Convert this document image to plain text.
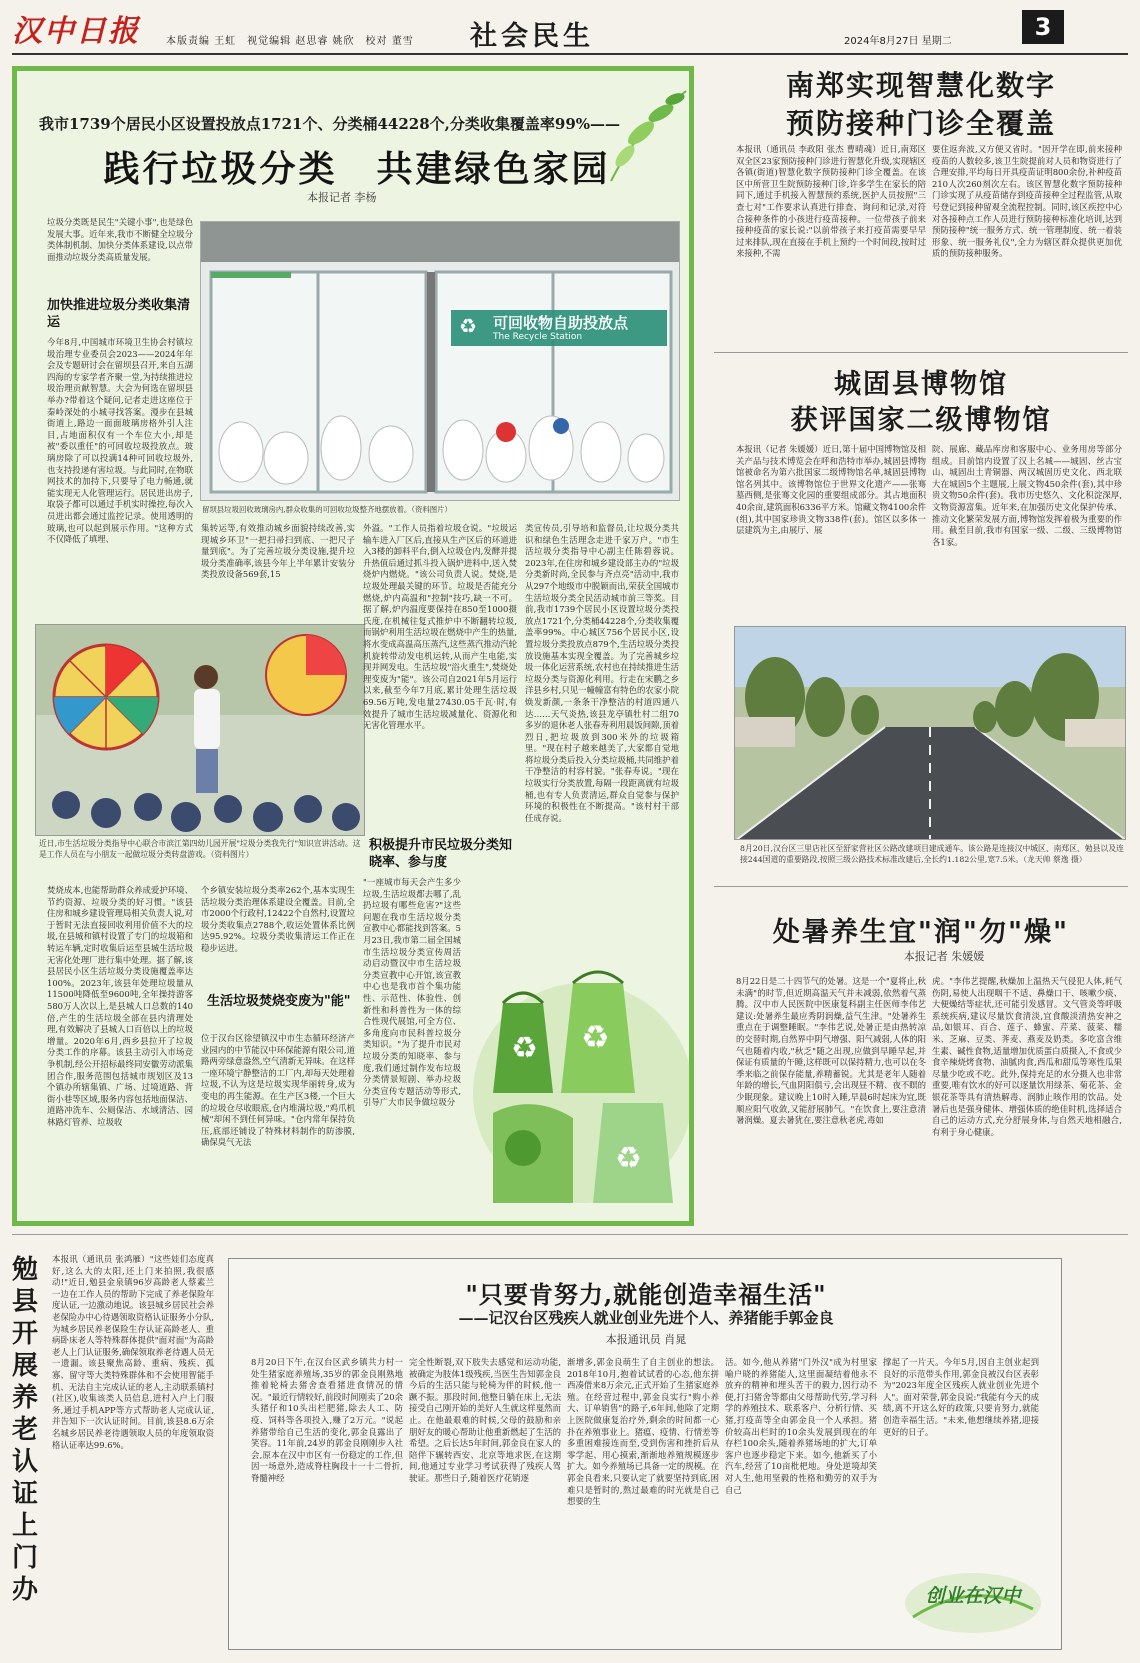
汉中日报	本版责编 王虹　视觉编辑 赵思睿 姚欣　校对 董雪 社会民生	2024年8月27日 星期二
3
我市1739个居民小区设置投放点1721个、分类桶44228个,分类收集覆盖率99%——
践行垃圾分类　共建绿色家园
本报记者 李杨
垃圾分类既是民生"关键小事",也是绿色发展大事。近年来,我市不断健全垃圾分类体制机制、加快分类体系建设,以点带面推动垃圾分类高质量发展。
加快推进垃圾分类收集清运
今年8月,中国城市环境卫生协会村镇垃圾治理专业委员会2023——2024年年会及专题研讨会在留坝县召开,来自五湖四海的专家学者齐聚一堂,为持续推进垃圾治理贡献智慧。大会为何选在留坝县举办?带着这个疑问,记者走进这座位于秦岭深处的小城寻找答案。漫步在县城街道上,路边一面面玻璃房格外引人注目,占地面积仅有一个车位大小,却是被"委以重任"的可回收垃圾投放点。玻璃房除了可以投满14种可回收垃圾外,也支持投递有害垃圾。与此同时,在物联网技术的加持下,只要导了电力畅通,就能实现无人化管理运行。居民进出房子,取袋子都可以通过手机实时操控,每次入员进出都会通过监控记录。使用透明的玻璃,也可以起到展示作用。"这种方式不仅降低了填埋、
可回收物自助投放点
The Recycle Station
♻
留坝县垃圾回收玻璃房内,群众收集的可回收垃圾整齐地摆放着。（资料图片）
近日,市生活垃圾分类指导中心联合市滨江第四幼儿园开展"垃圾分类我先行"知识宣讲活动。这是工作人员在与小朋友一起做垃圾分类转盘游戏。（资料图片）
焚烧成本,也能帮助群众养成爱护环境、节约资源、垃圾分类的好习惯。"该县住房和城乡建设管理局相关负责人说,对于暂时无法直接回收利用价值不大的垃圾,在县城和镇村设置了专门的垃圾箱和转运车辆,定时收集后运至县城生活垃圾无害化处理厂进行集中处理。据了解,该县居民小区生活垃圾分类设施覆盖率达100%。2023年,该县年处理垃圾量从11500吨降低至9600吨,全年操持游客580万人次以上,是县城人口总数的140倍,产生的生活垃圾全部在县内清理处理,有效解决了县城人口百倍以上的垃圾增量。2020年6月,西乡县拉开了垃圾分类工作的序幕。该县主动引入市场竞争机制,经公开招标最终同安徽劳动派集团合作,服务范围包括城市规划区及13个镇办所辖集镇、广场、过境道路、背街小巷等区域,服务内容包括地面保洁、道路冲洗车、公厕保洁、水域清洁、园林路灯管养、垃圾收
集转运等,有效推动城乡面貌持续改善,实现城乡环卫"一把扫帚扫到底、一把尺子量到底"。为了完善垃圾分类设施,提升垃圾分类准确率,该县今年上半年累计安装分类投放设备569套,15
个乡镇安装垃圾分类率262个,基本实现生活垃圾分类治理体系建设全覆盖。目前,全市2000个行政村,12422个自然村,设置垃圾分类收集点2788个,收运处置体系比例达95.92%。垃圾分类收集清运工作正在稳步运进。
生活垃圾焚烧变废为"能"
位于汉台区徐望镇汉中市生态循环经济产业园内的中节能汉中环保能源有限公司,道路两旁绿意盎然,空气清新无异味。在这样一座环境宁静整洁的工厂内,却每天处理着垃圾,不认为这是垃圾实现华丽转身,成为变电的再生能源。在生产区3楼,一个巨大的垃圾仓尽收眼底,仓内堆满垃圾,"鸡爪机械"却闲不到任何异味。"仓内常年保持负压,底部还铺设了特殊材料制作的防渗膜,确保臭气无法
外溢。"工作人员指着垃圾仓说。"垃圾运输车进入厂区后,直接从生产区后的环道进入3楼的卸料平台,倒入垃圾仓内,发酵并提升热值后通过抓斗投入锅炉进料中,送入焚烧炉内燃烧。"该公司负责人说。焚烧,是垃圾处理最关键的环节。垃圾是否能充分燃烧,炉内高温和"控制"技巧,缺一不可。据了解,炉内温度要保持在850至1000摄氏度,在机械往复式推炉中不断翻转垃圾,而锅炉利用生活垃圾在燃烧中产生的热量,将水变成高温高压蒸汽,这些蒸汽推动汽轮机旋转带动发电机运转,从而产生电能,实现并网发电。生活垃圾"浴火重生",焚烧处理变废为"能"。该公司自2021年5月运行以来,截至今年7月底,累计处理生活垃圾69.56万吨,发电量27430.05千瓦·时,有效提升了城市生活垃圾减量化、资源化和无害化管理水平。
积极提升市民垃圾分类知晓率、参与度
"一座城市每天会产生多少垃圾,生活垃圾都去哪了,乱扔垃圾有哪些危害?"这些问题在我市生活垃圾分类宣教中心都能找到答案。5月23日,我市第二届全国城市生活垃圾分类宣传周活动启动暨汉中市生活垃圾分类宣教中心开馆,该宣教中心也是我市首个集功能性、示范性、体验性、创新性和科普性为一体的综合性现代展馆,可全方位、多角度向市民科普垃圾分类知识。"为了提升市民对垃圾分类的知晓率、参与度,我们通过制作发布垃圾分类情景短剧、举办垃圾分类宣传专题活动等形式,引导广大市民争做垃圾分
类宣传员,引导培和监督员,让垃圾分类共识和绿色生活理念走进千家万户。"市生活垃圾分类指导中心副主任陈碧蓉说。2023年,在住房和城乡建设部主办的"垃圾分类新时尚,全民参与齐点亮"活动中,我市从297个地级市中脱颖而出,荣获全国城市生活垃圾分类全民活动城市前三等奖。目前,我市1739个居民小区设置垃圾分类投放点1721个,分类桶44228个,分类收集覆盖率99%。中心城区756个居民小区,设置垃圾分类投放点879个,生活垃圾分类投放设施基本实现全覆盖。为了完善城乡垃圾一体化运营系统,农村也在持续推进生活垃圾分类与资源化利用。行走在宋鹏之乡洋县乡村,只见一幢幢富有特色的农家小院焕发新颜,一条条干净整洁的村道四通八达……天气炎热,该县龙亭镇牡村二组70多岁的退休老人张春寿利用晨饭间隙,顶着烈日,把垃圾放到300米外的垃圾箱里。"现在村子越来越美了,大家都自觉地将垃圾分类后投入分类垃圾桶,共同维护着干净整洁的村容村貌。"张春寿说。"现在垃圾实行分类放置,每隔一段距离就有垃圾桶,也有专人负责清运,群众自觉参与保护环境的积极性在不断提高。"该村村干部任成存说。
♻ ♻
♻
南郑实现智慧化数字
预防接种门诊全覆盖
本报讯（通讯员 李政阳 张杰 曹晴魂）近日,南郑区双全区23家预防接种门诊进行智慧化升级,实现辖区各镇(街道)智慧化数字预防接种门诊全覆盖。在该区中所营卫生院预防接种门诊,许多学生在家长的陪同下,通过手机接入智慧预约系统,医护人员按照"三查七对"工作要求认真进行排查、询问和记录,对符合接种条件的小孩进行疫苗接种。一位带孩子前来接种疫苗的家长说:"以前带孩子来打疫苗需要早早过来排队,现在直接在手机上预约一个时间段,按时过来接种,不需
要住返奔波,又方便又省时。"因开学在即,前来接种疫苗的人数较多,该卫生院提前对人员和物资进行了合理安排,平均每日开具疫苗证明800余份,补种疫苗210人次260剂次左右。该区智慧化数字预防接种门诊实现了从疫苗储存到疫苗接种全过程监管,从取号登记到接种留观全流程控制。同时,该区疾控中心对各接种点工作人员进行预防接种标准化培训,达到预防接种"统一服务方式、统一管理制度、统一着装形象、统一服务礼仪",全力为辖区群众提供更加优质的预防接种服务。
城固县博物馆
获评国家二级博物馆
本报讯（记者 朱媛媛）近日,第十届中国博物馆及相关产品与技术博览会在呼和浩特市举办,城固县博物馆被命名为第六批国家二级博物馆名单,城固县博物馆名列其中。该博物馆位于世界文化遗产——张骞墓西侧,是张骞文化园的重要组成部分。其占地面积40余亩,建筑面积6336平方米。馆藏文物4100余件(组),其中国家珍贵文物338件(套)。馆区以多体一层建筑为主,由展厅、展
院、展廊、藏品库房和客服中心、业务用房等部分组成。目前馆内设置了汉上名城——城固、丝古宝山、城固出土青铜器、两汉城固历史文化、西北联大在城固5个主题展,上展文物450余件(套),其中珍贵文物50余件(套)。我市历史悠久、文化积淀深厚,文物资源富集。近年来,在加强历史文化保护传承、推动文化繁荣发展方面,博物馆发挥着极为重要的作用。截至目前,我市有国家一级、二级、三级博物馆各1家。
8月20日,汉台区三里店社区至舒家营社区公路改建项目建成通车。该公路是连接汉中城区、南郑区、勉县以及连接244国道的重要路段,按照三级公路技术标准改建后,全长约1.182公里,宽7.5米。（龙天帅 蔡逸 摄）
处暑养生宜"润"勿"燥"
本报记者 朱媛媛
8月22日是二十四节气的处暑。这是一个"夏将止,秋未满"的时节,但近期高温天气并未减弱,依然着气蒸腾。汉中市人民医院中医康复科副主任医师李伟艺建议:处暑养生最应秀阴润燥,益气生津。"处暑养生重点在于调整睡眠。"李伟艺说,处暑正是由热转凉的交替时期,自然界中阴气增强、阳气减弱,人体的阳气也随着内收,"秋乏"随之出现,应做到早睡早起,并保证有质量的午睡,这样既可以保持精力,也可以在冬季来临之前保存能量,养精蓄锐。尤其是老年人随着年龄的增长,气血阴阳俱亏,会出现昼不精、夜不瞑的少眠现象。建议晚上10时入睡,早晨6时起床为宜,既顺应阳气收敛,又能舒展肺气。"在饮食上,要注意清暑润燥。夏去暑犹在,要注意秋老虎,毒如
虎。"李伟艺提醒,秋燥加上温热天气侵犯人体,耗气伤阴,易使人出现咽干不适、鼻燥口干、咳嗽少痰、大便燥结等症状,还可能引发感冒。文气管炎等呼吸系统疾病,建议尽量饮食清淡,宜食酸淡清热安神之品,如银耳、百合、莲子、蜂蜜、芹菜、菠菜、糯米、芝麻、豆类、荠麦、燕麦及奶类。多吃富含维生素、碱性食物,适量增加优质蛋白质摄入,不食或少食辛辣烧烤食物、油腻肉食,西瓜和甜瓜等寒性瓜果尽量少吃或不吃。此外,保持充足的水分摄入也非常重要,唯有饮水的好可以逐量饮用绿茶、菊花茶、金银花茶等具有清热解毒、润肺止咳作用的饮品。处暑后也是强身健体、增强体质的绝佳时机,选择适合自己的运动方式,充分舒展身体,与自然天地相融合,有利于身心健康。
勉县开展养老认证上门办
本报讯（通讯员 张鸿雁）"这些娃们态度真好,这么大的太阳,还上门来拍照,我很感动!"近日,勉县金泉镇96岁高龄老人蔡素兰一边在工作人员的帮助下完成了养老保险年度认证,一边激动地说。该县城乡居民社会养老保险办中心待遇领取资格认证服务小分队,为城乡居民养老保险生存认证高龄老人、重病卧床老人等特殊群体提供"面对面"为高龄老人上门认证服务,确保领取养老待遇人员无一遗漏。该县聚焦高龄、重病、残疾、孤寡、留守等大类特殊群体和不会使用智能手机、无法自主完成认证的老人,主动联系镇村(社区),收集该类人员信息,进村入户上门服务,通过手机APP等方式帮助老人完成认证,并告知下一次认证时间。目前,该县8.6万余名城乡居民养老待遇领取人员的年度领取资格认证率达99.6%。
"只要肯努力,就能创造幸福生活"
——记汉台区残疾人就业创业先进个人、养猪能手郭金良
本报通讯员 肖晁
8月20日下午,在汉台区武乡镇共力村一处生猪家庭养殖场,35岁的郭金良刚熟地推着轮椅去猪舍查看猪进食情况的情况。"最近行情较好,前段时间刚卖了20余头猪仔和10头出栏肥猪,除去人工、防疫、饲料等各项投入,赚了2万元。"说起养猪带给自己生活的变化,郭金良露出了笑容。11年前,24岁的郭金良刚刚步入社会,原本在汉中市区有一份稳定的工作,但因一场意外,造成脊柱胸段十一十二骨折,脊髓神经
完全性断裂,双下肢失去感觉和运动功能,被确定为肢体1级残疾,当医生告知郭金良今后的生活只能与轮椅为伴的时候,他一蹶不振。那段时间,他整日躺在床上,无法接受自己刚开始的美好人生就这样戛然而止。在他最艰难的时候,父母的鼓励和亲朋好友的暖心帮助让他重新燃起了生活的希望。之后长达5年时间,郭金良在家人的陪伴下辗转西安、北京等地求医,在这期间,他通过专业学习考试获得了残疾人驾驶证。那些日子,随着医疗花销逐
渐增多,郭金良萌生了自主创业的想法。2018年10月,抱着试试看的心态,他东拼西凑借来8万余元,正式开始了生猪家庭养殖。在经营过程中,郭金良实行"购小养大、订单销售"的路子,6年间,他除了定期上医院做康复治疗外,剩余的时间都一心扑在养殖事业上。猪瘟、疫情、行情差等多重困难接连而至,受到伤害和挫折后从零学起、用心摸索,渐渐地养殖规模逐步扩大。如今养殖场已具备一定的规模。在郭金良看来,只要认定了就要坚持到底,困难只是暂时的,熬过最难的时光就是自己想要的生
活。如今,他从养猪"门外汉"成为村里家喻户晓的养猪能人,这里面凝结着他永不放弃的精神和埋头苦干的毅力,因行动不便,打扫猪舍等都由父母帮助代劳,学习科学的养殖技术、联系客户、分析行情、买猪,打疫苗等全由郭金良一个人承担。猪价较高出栏时的10余头发展到现在的年存栏100余头,随着养猪场地的扩大,订单客户也逐步稳定下来。如今,他新买了小汽车,经营了10亩枇杷地。身处逆境却笑对人生,他用坚毅的性格和勤劳的双手为自己
撑起了一片天。今年5月,因自主创业起到良好的示范带头作用,郭金良被汉台区表彰为"2023年度全区残疾人就业创业先进个人"。面对荣誉,郭金良说:"我能有今天的成绩,离不开这么好的政策,只要肯努力,就能创造幸福生活。"未来,他想继续养猪,迎接更好的日子。
创业在汉中
